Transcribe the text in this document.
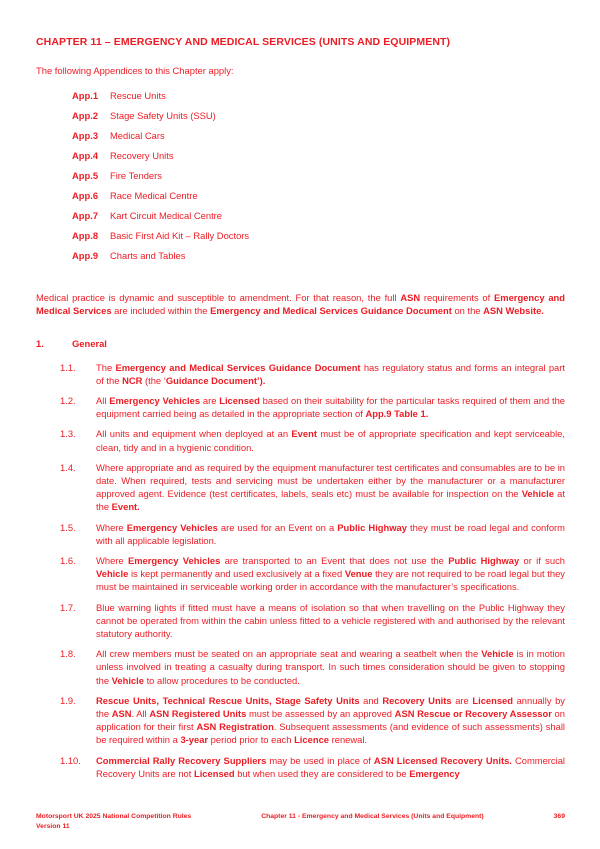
CHAPTER 11 – EMERGENCY AND MEDICAL SERVICES (UNITS AND EQUIPMENT)

The following Appendices to this Chapter apply:

App.1	Rescue Units
App.2	Stage Safety Units (SSU)
App.3	Medical Cars
App.4	Recovery Units
App.5	Fire Tenders
App.6	Race Medical Centre
App.7	Kart Circuit Medical Centre
App.8	Basic First Aid Kit – Rally Doctors
App.9	Charts and Tables

Medical practice is dynamic and susceptible to amendment. For that reason, the full ASN requirements of Emergency and Medical Services are included within the Emergency and Medical Services Guidance Document on the ASN Website.

1.	General
1.1.	The Emergency and Medical Services Guidance Document has regulatory status and forms an integral part of the NCR (the ‘Guidance Document’).
1.2.	All Emergency Vehicles are Licensed based on their suitability for the particular tasks required of them and the equipment carried being as detailed in the appropriate section of App.9 Table 1.
1.3.	All units and equipment when deployed at an Event must be of appropriate specification and kept serviceable, clean, tidy and in a hygienic condition.
1.4.	Where appropriate and as required by the equipment manufacturer test certificates and consumables are to be in date. When required, tests and servicing must be undertaken either by the manufacturer or a manufacturer approved agent. Evidence (test certificates, labels, seals etc) must be available for inspection on the Vehicle at the Event.
1.5.	Where Emergency Vehicles are used for an Event on a Public Highway they must be road legal and conform with all applicable legislation.
1.6.	Where Emergency Vehicles are transported to an Event that does not use the Public Highway or if such Vehicle is kept permanently and used exclusively at a fixed Venue they are not required to be road legal but they must be maintained in serviceable working order in accordance with the manufacturer’s specifications.
1.7.	Blue warning lights if fitted must have a means of isolation so that when travelling on the Public Highway they cannot be operated from within the cabin unless fitted to a vehicle registered with and authorised by the relevant statutory authority.
1.8.	All crew members must be seated on an appropriate seat and wearing a seatbelt when the Vehicle is in motion unless involved in treating a casualty during transport. In such times consideration should be given to stopping the Vehicle to allow procedures to be conducted.
1.9.	Rescue Units, Technical Rescue Units, Stage Safety Units and Recovery Units are Licensed annually by the ASN. All ASN Registered Units must be assessed by an approved ASN Rescue or Recovery Assessor on application for their first ASN Registration. Subsequent assessments (and evidence of such assessments) shall be required within a 3-year period prior to each Licence renewal.
1.10.	Commercial Rally Recovery Suppliers may be used in place of ASN Licensed Recovery Units. Commercial Recovery Units are not Licensed but when used they are considered to be Emergency
Motorsport UK 2025 National Competition Rules
Version 11
Chapter 11 - Emergency and Medical Services (Units and Equipment)	369
